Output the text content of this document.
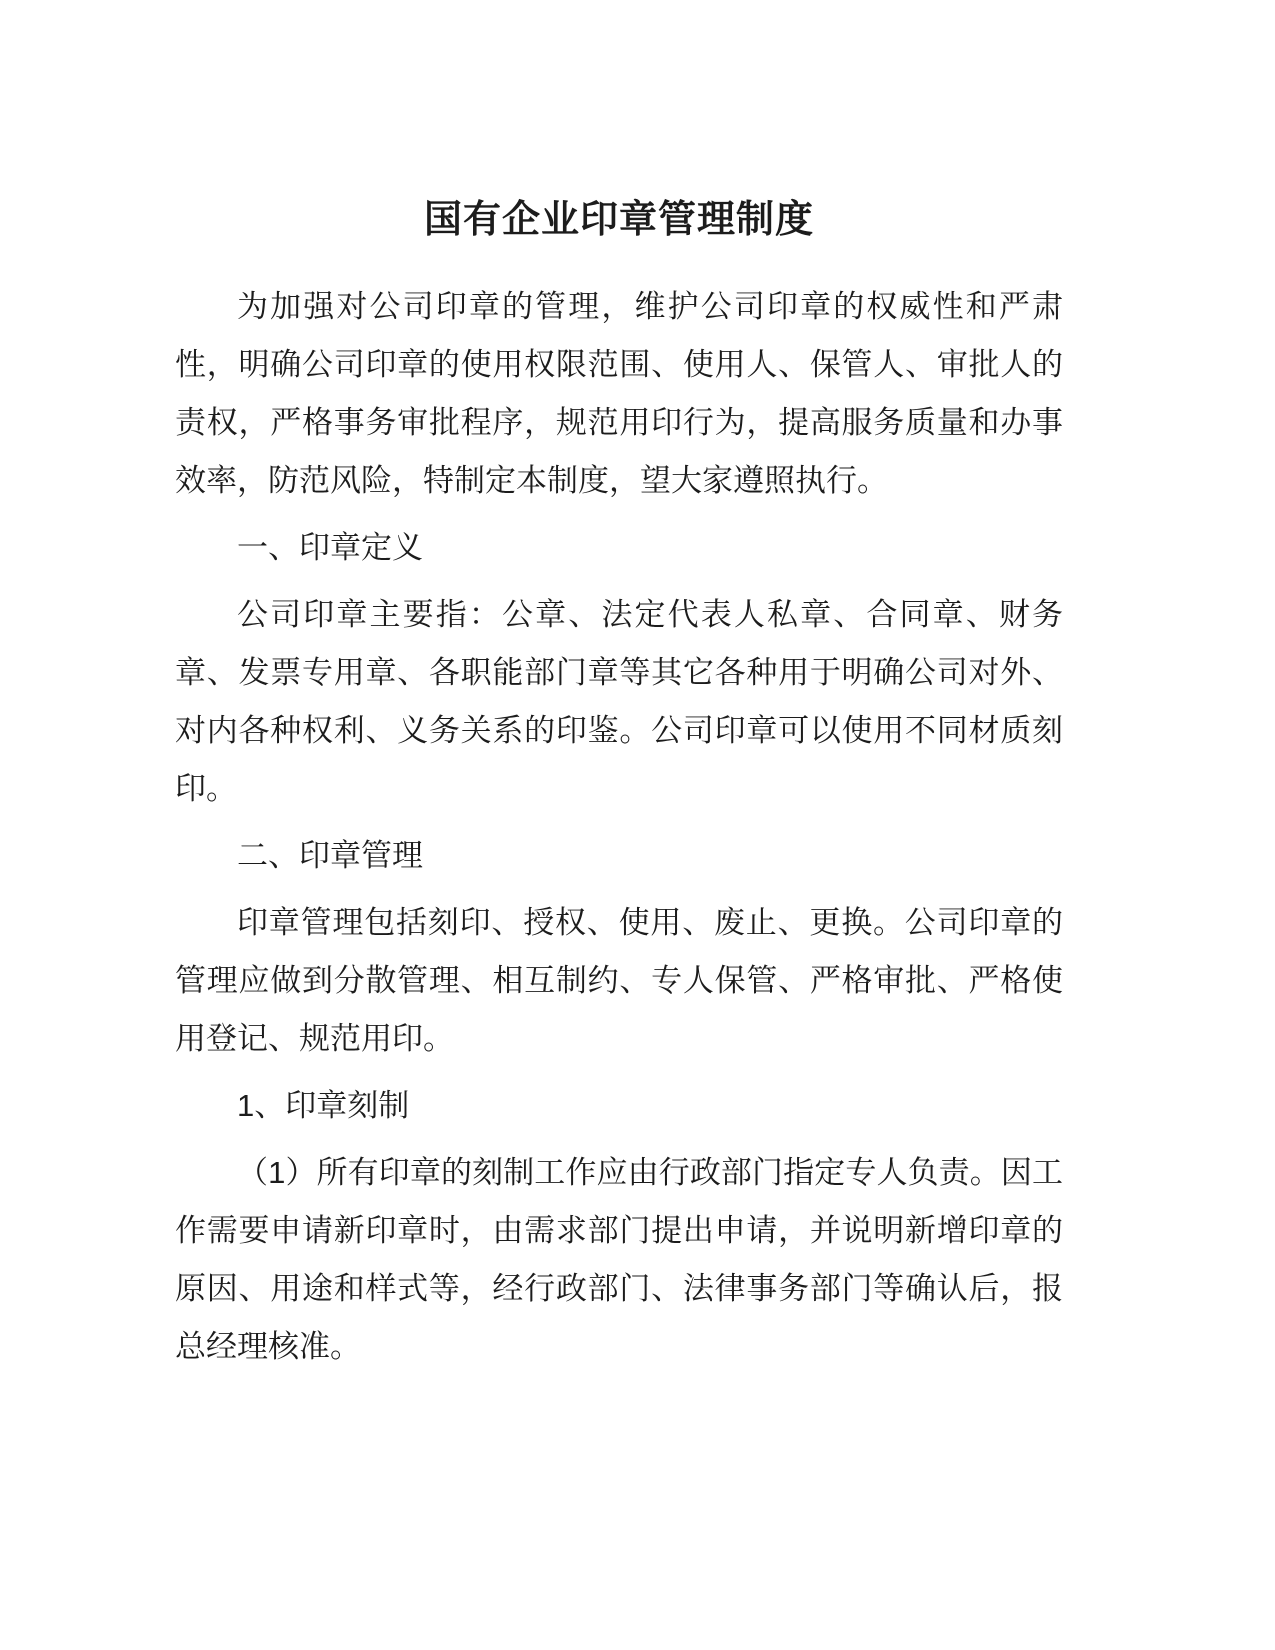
国有企业印章管理制度

为加强对公司印章的管理，维护公司印章的权威性和严肃性，明确公司印章的使用权限范围、使用人、保管人、审批人的责权，严格事务审批程序，规范用印行为，提高服务质量和办事效率，防范风险，特制定本制度，望大家遵照执行。

一、印章定义

公司印章主要指：公章、法定代表人私章、合同章、财务章、发票专用章、各职能部门章等其它各种用于明确公司对外、对内各种权利、义务关系的印鉴。公司印章可以使用不同材质刻印。

二、印章管理

印章管理包括刻印、授权、使用、废止、更换。公司印章的管理应做到分散管理、相互制约、专人保管、严格审批、严格使用登记、规范用印。

1、印章刻制

（1）所有印章的刻制工作应由行政部门指定专人负责。因工作需要申请新印章时，由需求部门提出申请，并说明新增印章的原因、用途和样式等，经行政部门、法律事务部门等确认后，报总经理核准。
